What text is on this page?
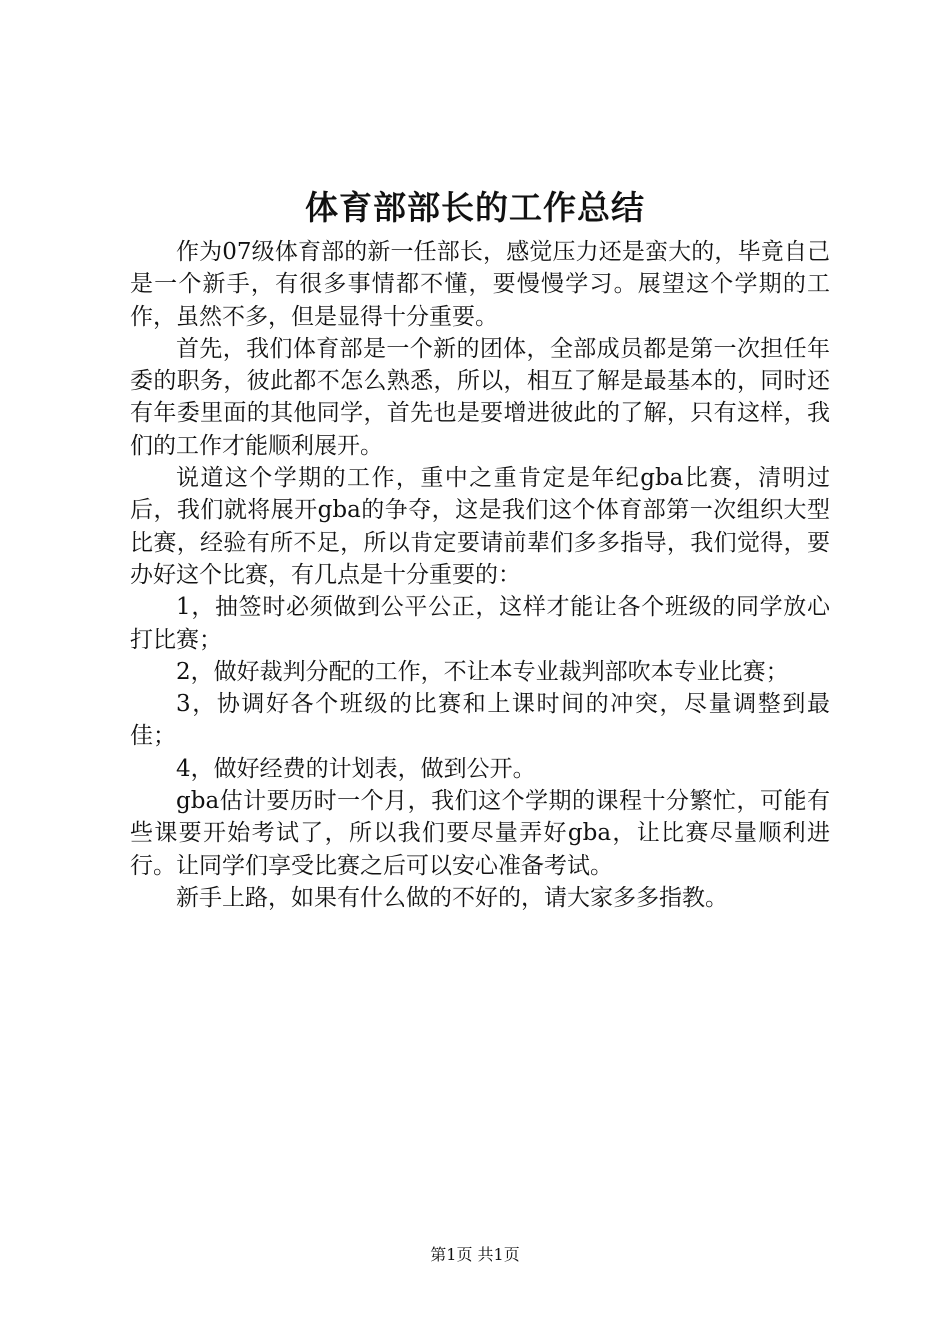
体育部部长的工作总结

作为07级体育部的新一任部长，感觉压力还是蛮大的，毕竟自己是一个新手，有很多事情都不懂，要慢慢学习。展望这个学期的工作，虽然不多，但是显得十分重要。

首先，我们体育部是一个新的团体，全部成员都是第一次担任年委的职务，彼此都不怎么熟悉，所以，相互了解是最基本的，同时还有年委里面的其他同学，首先也是要增进彼此的了解，只有这样，我们的工作才能顺利展开。

说道这个学期的工作，重中之重肯定是年纪gba比赛，清明过后，我们就将展开gba的争夺，这是我们这个体育部第一次组织大型比赛，经验有所不足，所以肯定要请前辈们多多指导，我们觉得，要办好这个比赛，有几点是十分重要的：

1，抽签时必须做到公平公正，这样才能让各个班级的同学放心打比赛；

2，做好裁判分配的工作，不让本专业裁判部吹本专业比赛；

3，协调好各个班级的比赛和上课时间的冲突，尽量调整到最佳；

4，做好经费的计划表，做到公开。

gba估计要历时一个月，我们这个学期的课程十分繁忙，可能有些课要开始考试了，所以我们要尽量弄好gba，让比赛尽量顺利进行。让同学们享受比赛之后可以安心准备考试。

新手上路，如果有什么做的不好的，请大家多多指教。

第1页 共1页
